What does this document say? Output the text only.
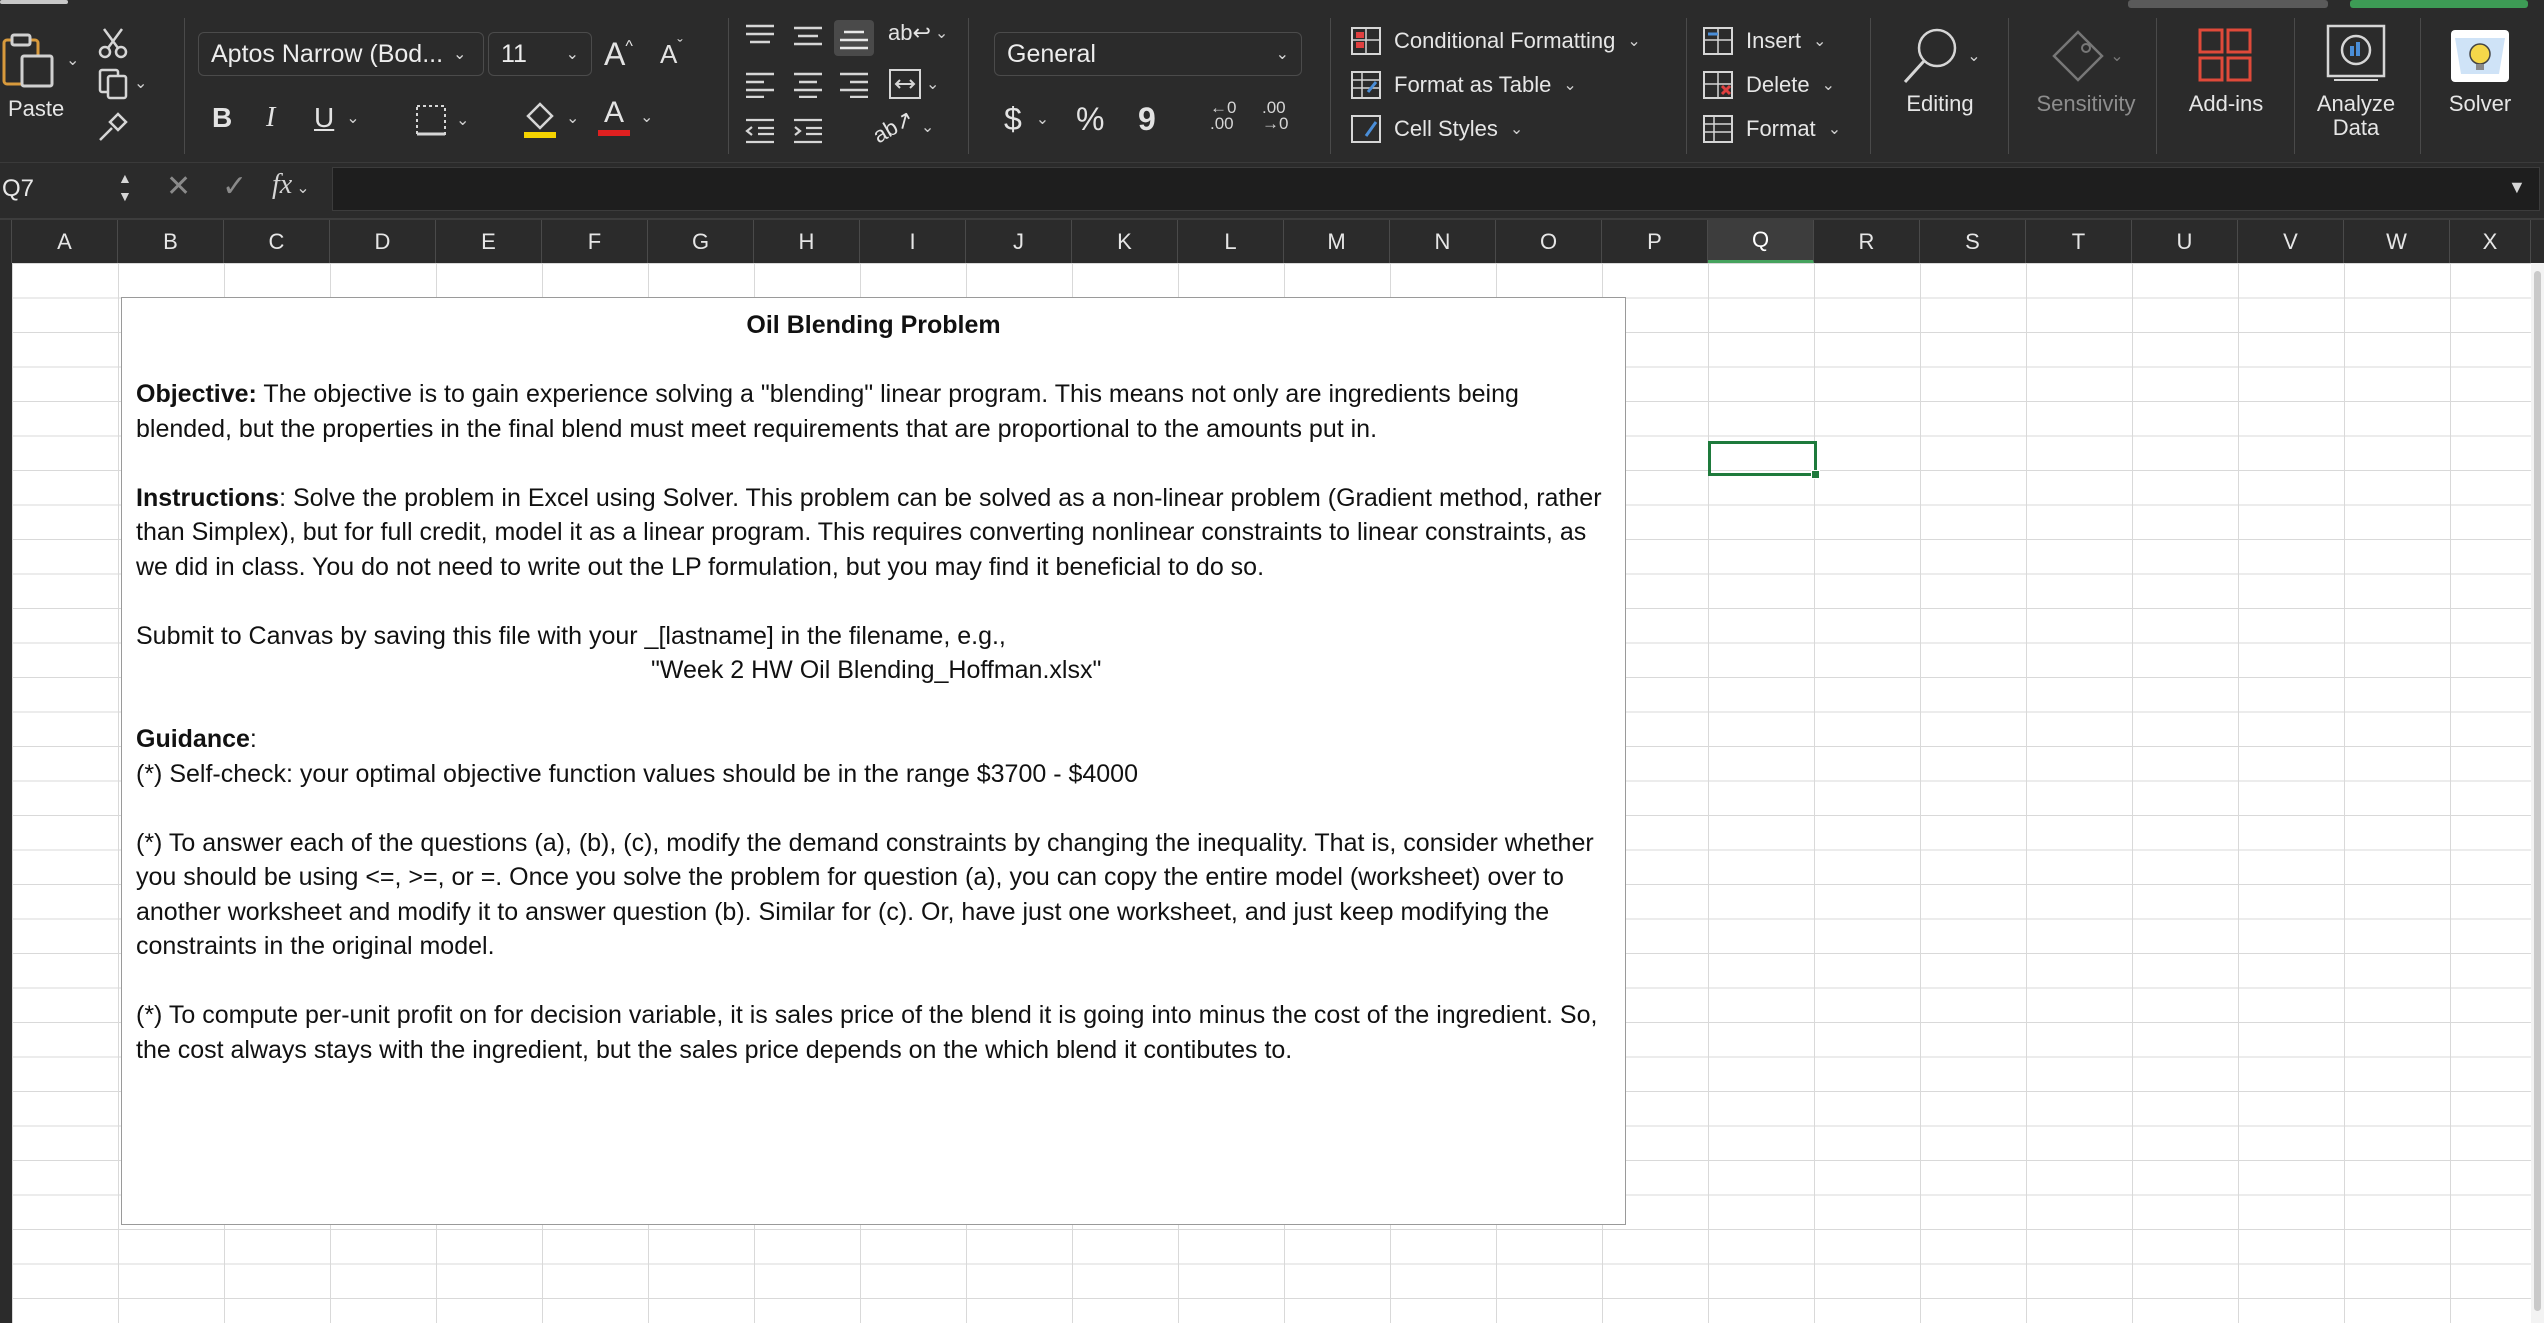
Paste
⌄
⌄
Aptos Narrow (Bod... ⌄ 11 ⌄ A ^ A ˇ
B I U ⌄	⌄	⌄ A ⌄
ab↩ ⌄
⌄
ab↗ ⌄
General	⌄
$ ⌄ % 9	←0
.00
.00
→0
Conditional Formatting ⌄
Format as Table ⌄
Cell Styles ⌄
Insert ⌄
Delete ⌄
Format ⌄
⌄
Editing
⌄
Sensitivity Add-ins Analyze
Data
Solver
Q7	▲
▼ ✕ ✓ fx ⌄	▼
A	B	C	D	E	F	G	H	I	J	K	L	M	N	O	P	Q	R	S	T	U	V	W	X

Oil Blending Problem

Objective: The objective is to gain experience solving a "blending" linear program. This means not only are ingredients being blended, but the properties in the final blend must meet requirements that are proportional to the amounts put in.

Instructions: Solve the problem in Excel using Solver. This problem can be solved as a non-linear problem (Gradient method, rather than Simplex), but for full credit, model it as a linear program. This requires converting nonlinear constraints to linear constraints, as we did in class. You do not need to write out the LP formulation, but you may find it beneficial to do so.

Submit to Canvas by saving this file with your _[lastname] in the filename, e.g.,

"Week 2 HW Oil Blending_Hoffman.xlsx"

Guidance:

(*) Self-check: your optimal objective function values should be in the range $3700 - $4000

(*) To answer each of the questions (a), (b), (c), modify the demand constraints by changing the inequality. That is, consider whether you should be using <=, >=, or =. Once you solve the problem for question (a), you can copy the entire model (worksheet) over to another worksheet and modify it to answer question (b). Similar for (c). Or, have just one worksheet, and just keep modifying the constraints in the original model.

(*) To compute per-unit profit on for decision variable, it is sales price of the blend it is going into minus the cost of the ingredient. So, the cost always stays with the ingredient, but the sales price depends on the which blend it contibutes to.
